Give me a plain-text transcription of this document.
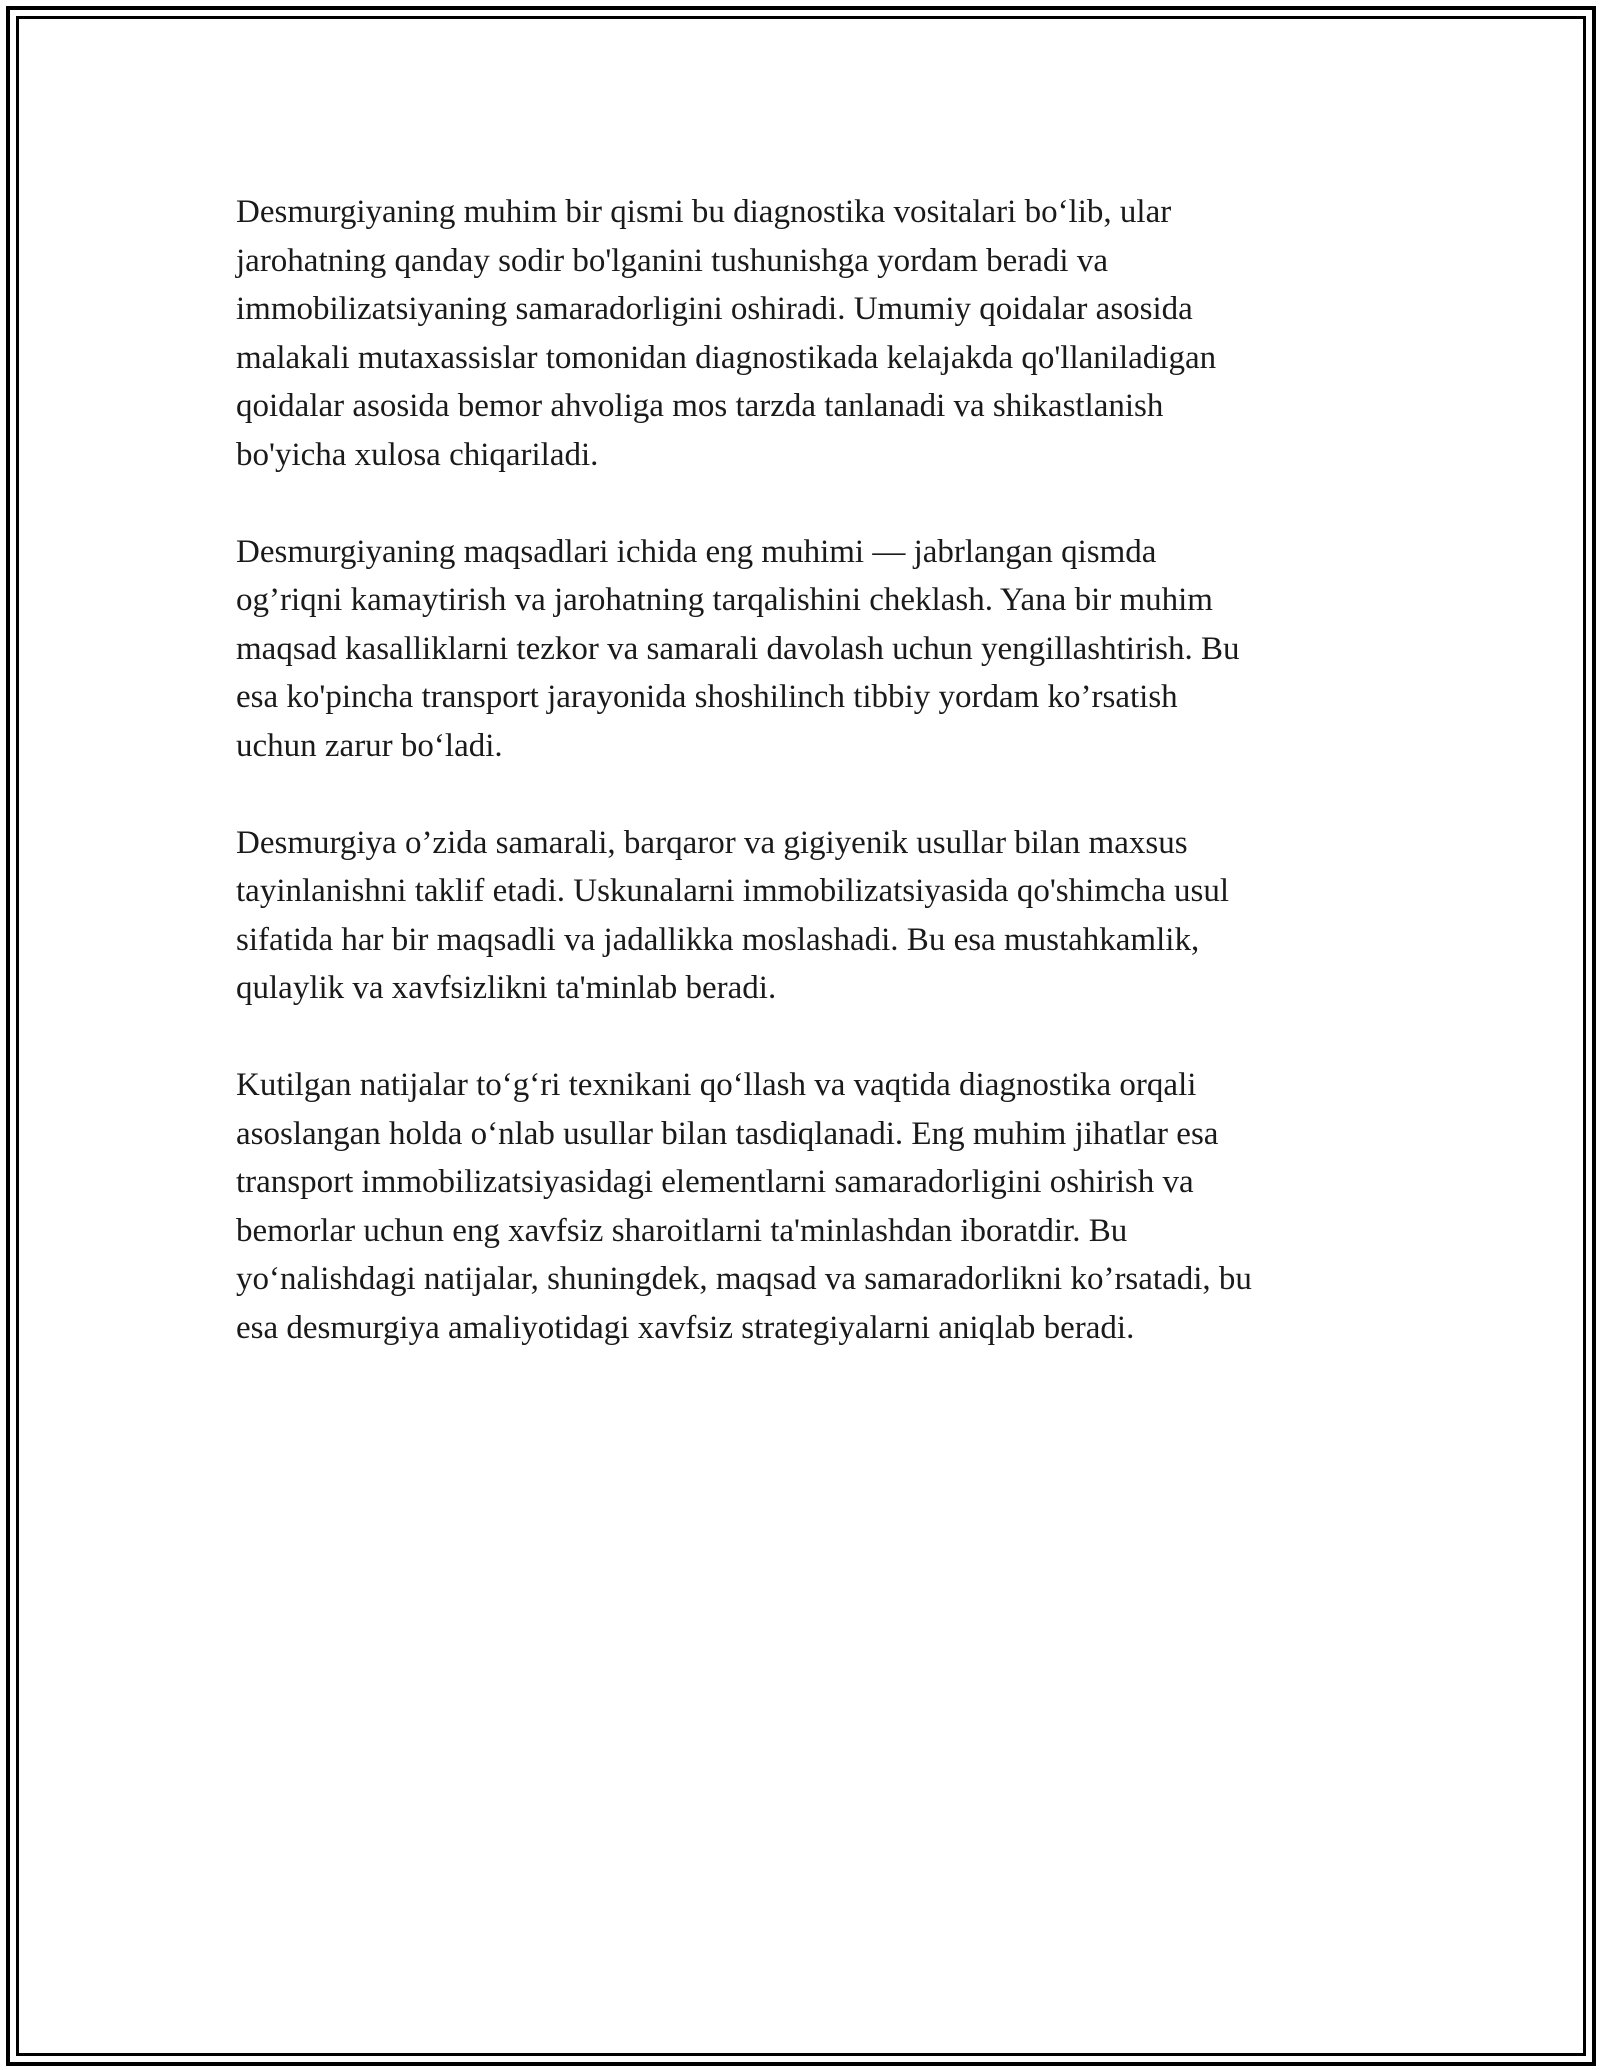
Desmurgiyaning muhim bir qismi bu diagnostika vositalari bo‘lib, ular
jarohatning qanday sodir bo'lganini tushunishga yordam beradi va
immobilizatsiyaning samaradorligini oshiradi. Umumiy qoidalar asosida
malakali mutaxassislar tomonidan diagnostikada kelajakda qo'llaniladigan
qoidalar asosida bemor ahvoliga mos tarzda tanlanadi va shikastlanish
bo'yicha xulosa chiqariladi.

Desmurgiyaning maqsadlari ichida eng muhimi — jabrlangan qismda
og’riqni kamaytirish va jarohatning tarqalishini cheklash. Yana bir muhim
maqsad kasalliklarni tezkor va samarali davolash uchun yengillashtirish. Bu
esa ko'pincha transport jarayonida shoshilinch tibbiy yordam ko’rsatish
uchun zarur bo‘ladi.

Desmurgiya o’zida samarali, barqaror va gigiyenik usullar bilan maxsus
tayinlanishni taklif etadi. Uskunalarni immobilizatsiyasida qo'shimcha usul
sifatida har bir maqsadli va jadallikka moslashadi. Bu esa mustahkamlik,
qulaylik va xavfsizlikni ta'minlab beradi.

Kutilgan natijalar to‘g‘ri texnikani qo‘llash va vaqtida diagnostika orqali
asoslangan holda o‘nlab usullar bilan tasdiqlanadi. Eng muhim jihatlar esa
transport immobilizatsiyasidagi elementlarni samaradorligini oshirish va
bemorlar uchun eng xavfsiz sharoitlarni ta'minlashdan iboratdir. Bu
yo‘nalishdagi natijalar, shuningdek, maqsad va samaradorlikni ko’rsatadi, bu
esa desmurgiya amaliyotidagi xavfsiz strategiyalarni aniqlab beradi.
